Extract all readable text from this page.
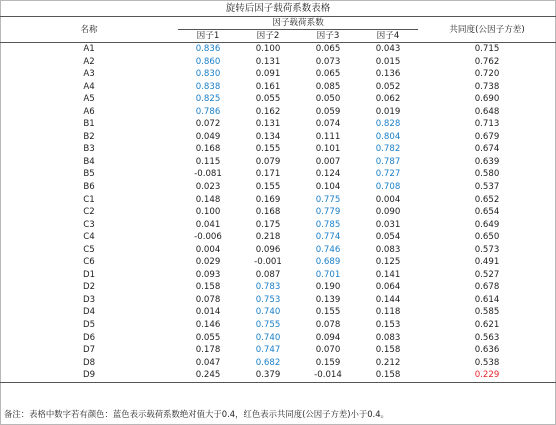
旋转后因子载荷系数表格
名称	因子载荷系数				共同度(公因子方差)
	因子1	因子2	因子3	因子4	
A1	0.836	0.100	0.065	0.043	0.715
A2	0.860	0.131	0.073	0.015	0.762
A3	0.830	0.091	0.065	0.136	0.720
A4	0.838	0.161	0.085	0.052	0.738
A5	0.825	0.055	0.050	0.062	0.690
A6	0.786	0.162	0.059	0.019	0.648
B1	0.072	0.131	0.074	0.828	0.713
B2	0.049	0.134	0.111	0.804	0.679
B3	0.168	0.155	0.101	0.782	0.674
B4	0.115	0.079	0.007	0.787	0.639
B5	-0.081	0.171	0.124	0.727	0.580
B6	0.023	0.155	0.104	0.708	0.537
C1	0.148	0.169	0.775	0.004	0.652
C2	0.100	0.168	0.779	0.090	0.654
C3	0.041	0.175	0.785	0.031	0.649
C4	-0.006	0.218	0.774	0.054	0.650
C5	0.004	0.096	0.746	0.083	0.573
C6	0.029	-0.001	0.689	0.125	0.491
D1	0.093	0.087	0.701	0.141	0.527
D2	0.158	0.783	0.190	0.064	0.678
D3	0.078	0.753	0.139	0.144	0.614
D4	0.014	0.740	0.155	0.118	0.585
D5	0.146	0.755	0.078	0.153	0.621
D6	0.055	0.740	0.094	0.083	0.563
D7	0.178	0.747	0.070	0.158	0.636
D8	0.047	0.682	0.159	0.212	0.538
D9	0.245	0.379	-0.014	0.158	0.229
备注：表格中数字若有颜色：蓝色表示载荷系数绝对值大于0.4，红色表示共同度(公因子方差)小于0.4。
